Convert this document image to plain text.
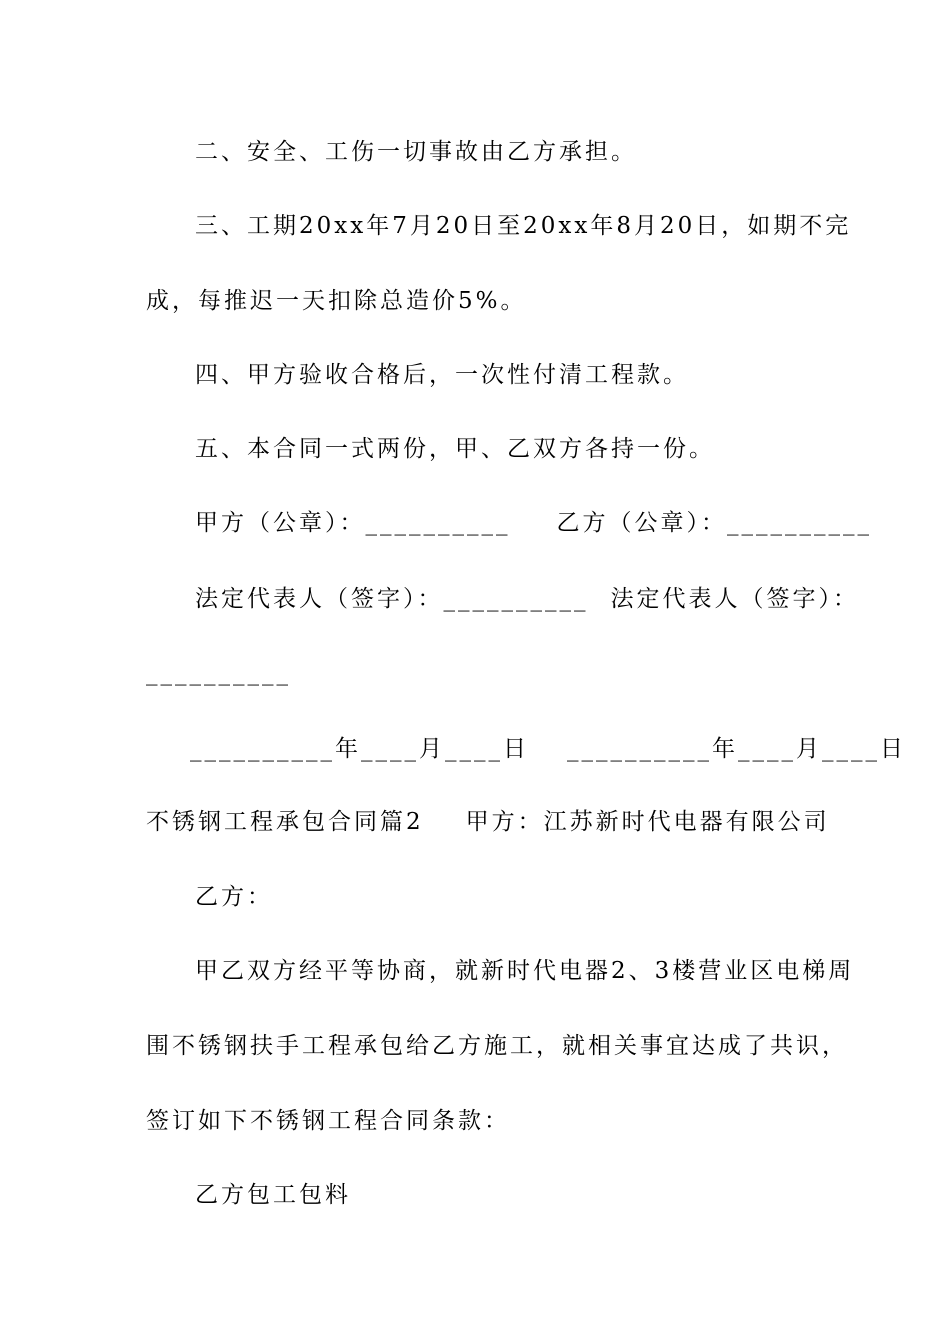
二、安全、工伤一切事故由乙方承担。
三、工期20xx年7月20日至20xx年8月20日，如期不完
成，每推迟一天扣除总造价5%。
四、甲方验收合格后，一次性付清工程款。
五、本合同一式两份，甲、乙双方各持一份。
甲方（公章）：__________ 乙方（公章）：__________
法定代表人（签字）：__________ 法定代表人（签字）：
__________
__________年____月____日 __________年____月____日
不锈钢工程承包合同篇2 甲方：江苏新时代电器有限公司
乙方：
甲乙双方经平等协商，就新时代电器2、3楼营业区电梯周
围不锈钢扶手工程承包给乙方施工，就相关事宜达成了共识，
签订如下不锈钢工程合同条款：
乙方包工包料
